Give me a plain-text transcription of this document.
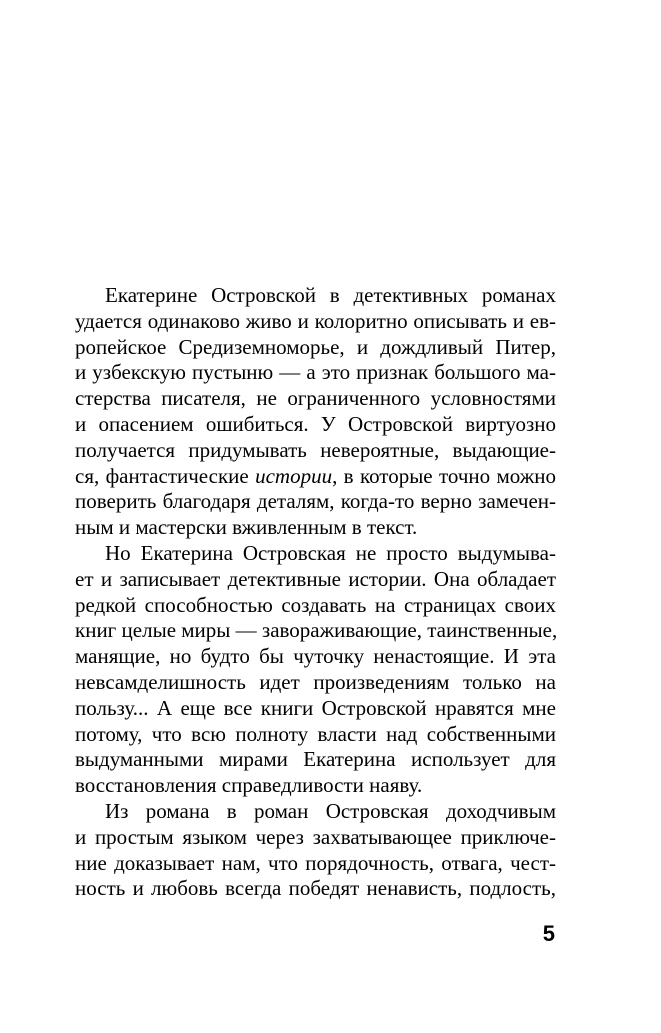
Екатерине Островской в детективных романах
удается одинаково живо и колоритно описывать и ев-
ропейское Средиземноморье, и дождливый Питер,
и узбекскую пустыню — а это признак большого ма-
стерства писателя, не ограниченного условностями
и опасением ошибиться. У Островской виртуозно
получается придумывать невероятные, выдающие-
ся, фантастические истории, в которые точно можно
поверить благодаря деталям, когда-то верно замечен-
ным и мастерски вживленным в текст.
Но Екатерина Островская не просто выдумыва-
ет и записывает детективные истории. Она обладает
редкой способностью создавать на страницах своих
книг целые миры — завораживающие, таинственные,
манящие, но будто бы чуточку ненастоящие. И эта
невсамделишность идет произведениям только на
пользу... А еще все книги Островской нравятся мне
потому, что всю полноту власти над собственными
выдуманными мирами Екатерина использует для
восстановления справедливости наяву.
Из романа в роман Островская доходчивым
и простым языком через захватывающее приключе-
ние доказывает нам, что порядочность, отвага, чест-
ность и любовь всегда победят ненависть, подлость,
5
